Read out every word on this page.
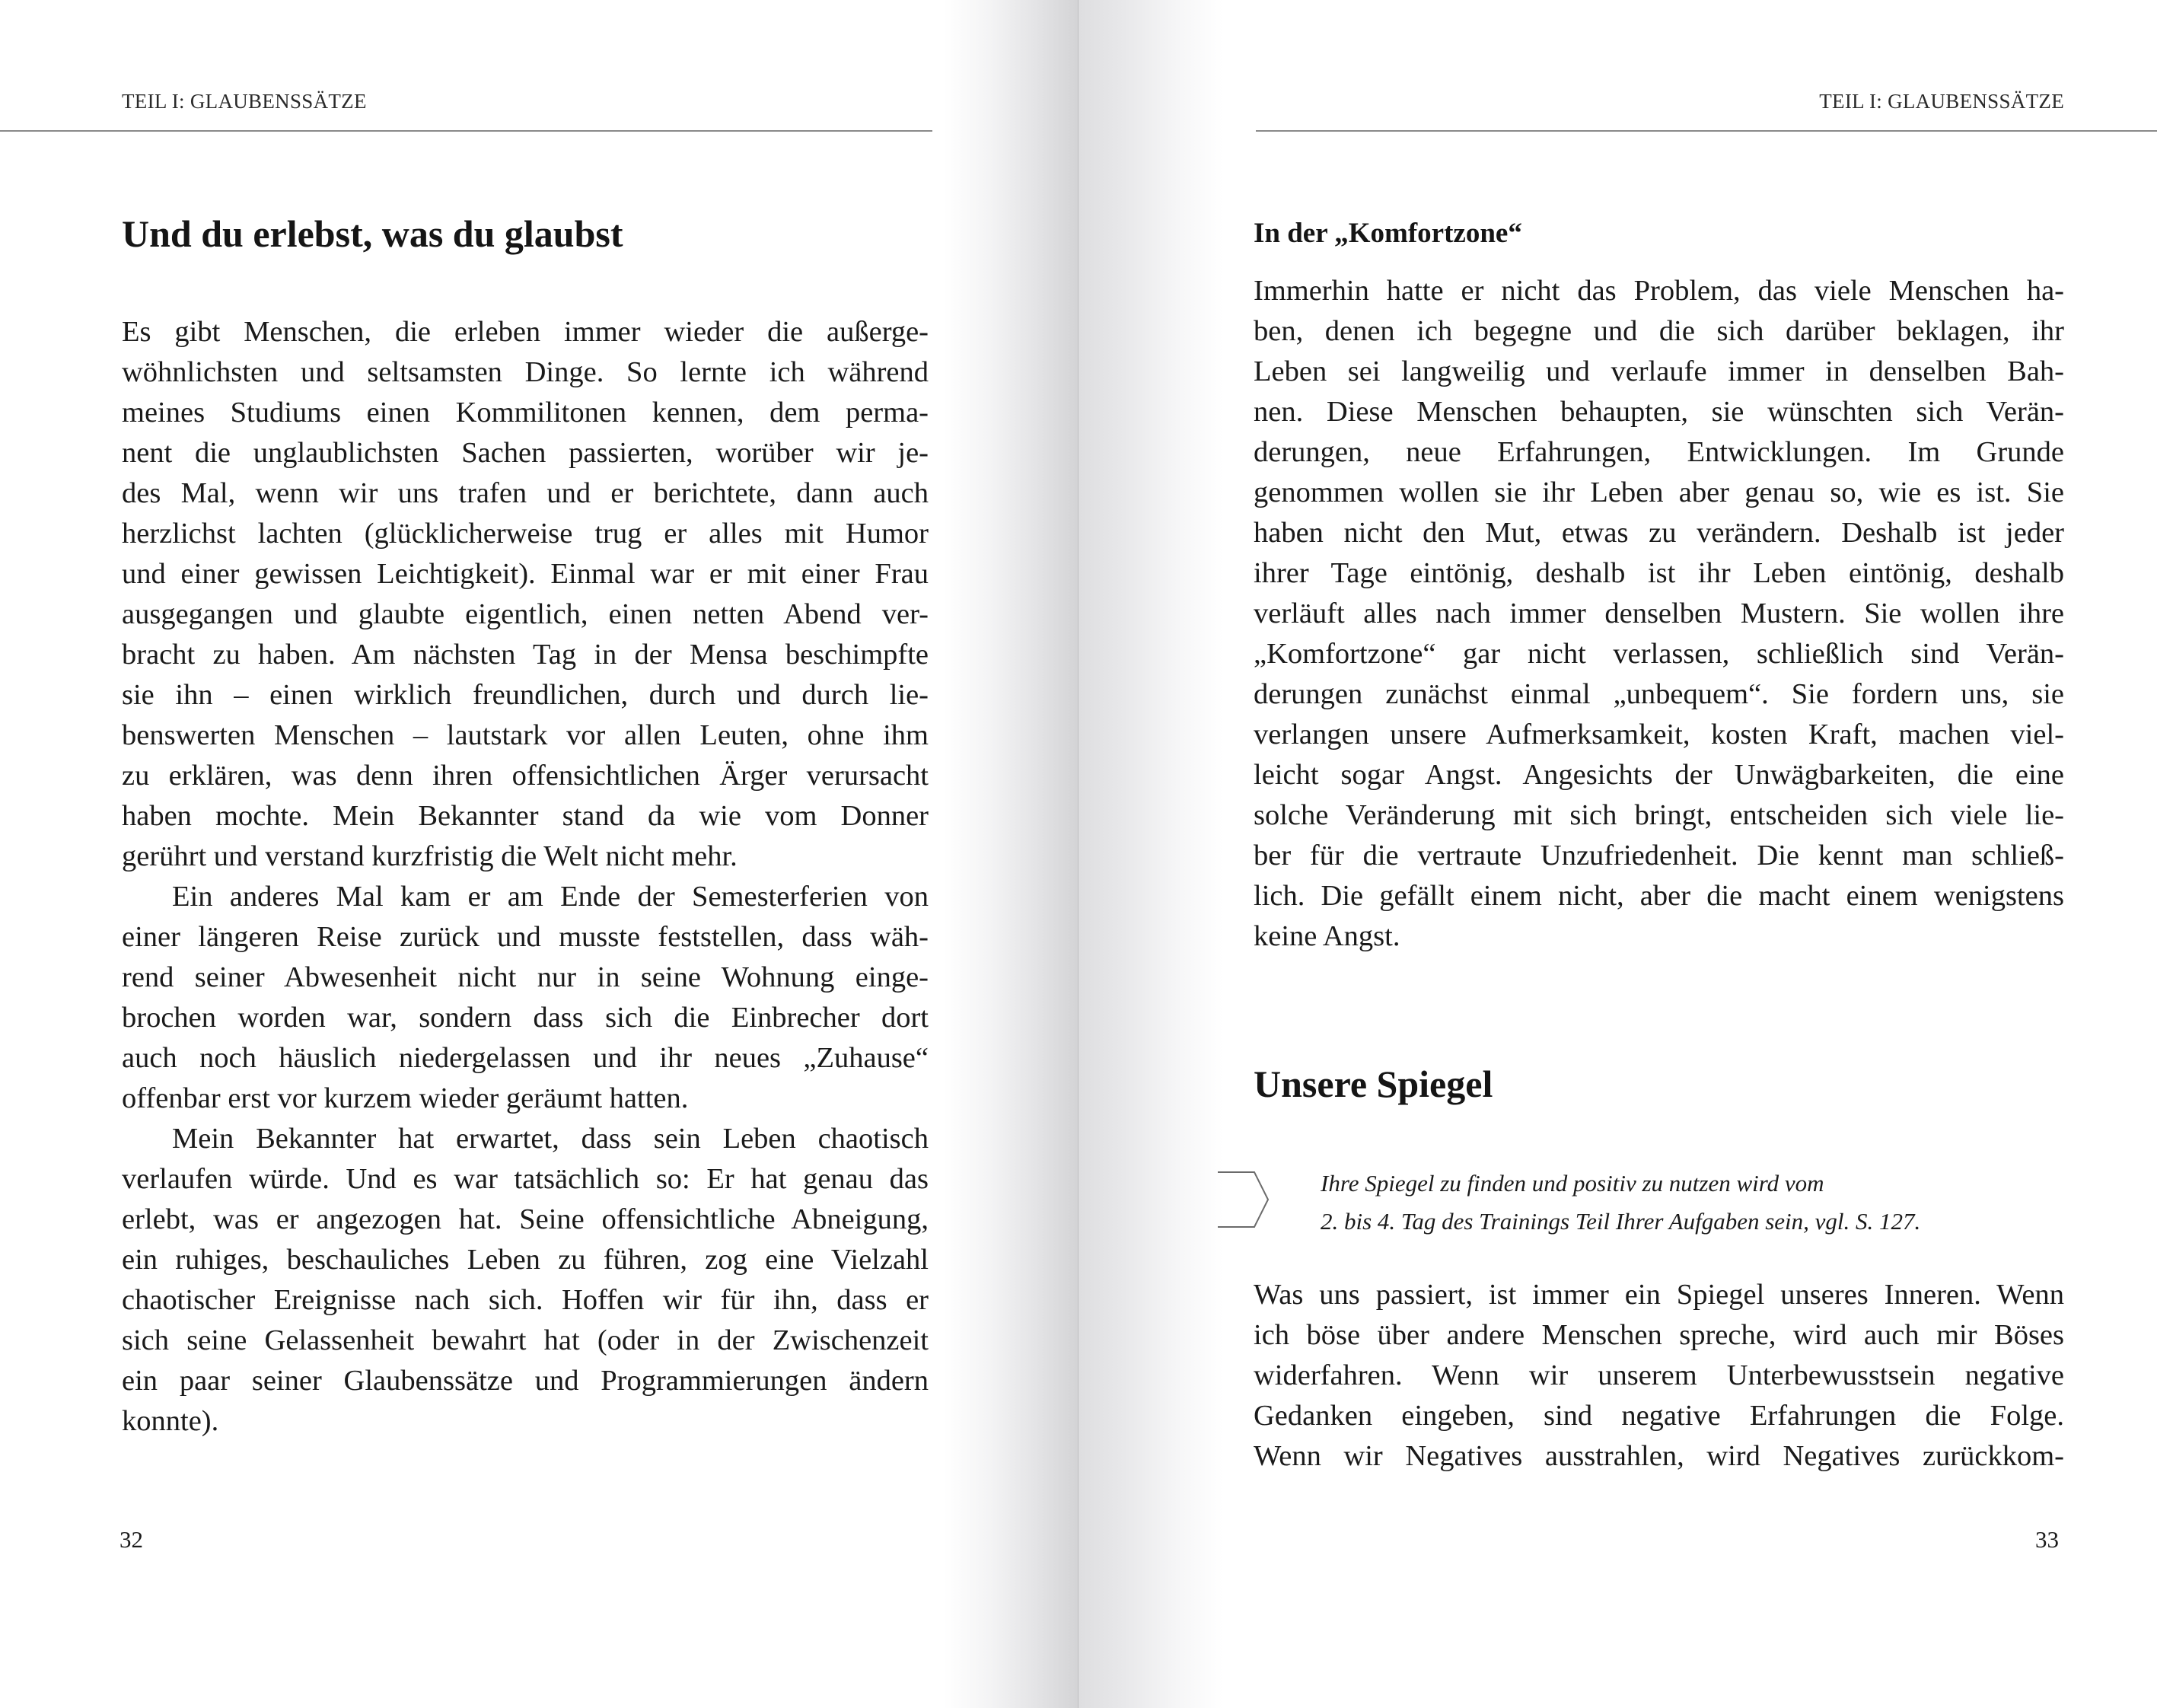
TEIL I: GLAUBENSSÄTZE
Und du erlebst, was du glaubst

Es gibt Menschen, die erleben immer wieder die außerge-
wöhnlichsten und seltsamsten Dinge. So lernte ich während
meines Studiums einen Kommilitonen kennen, dem perma-
nent die unglaublichsten Sachen passierten, worüber wir je-
des Mal, wenn wir uns trafen und er berichtete, dann auch
herzlichst lachten (glücklicherweise trug er alles mit Humor
und einer gewissen Leichtigkeit). Einmal war er mit einer Frau
ausgegangen und glaubte eigentlich, einen netten Abend ver-
bracht zu haben. Am nächsten Tag in der Mensa beschimpfte
sie ihn – einen wirklich freundlichen, durch und durch lie-
benswerten Menschen – lautstark vor allen Leuten, ohne ihm
zu erklären, was denn ihren offensichtlichen Ärger verursacht
haben mochte. Mein Bekannter stand da wie vom Donner
gerührt und verstand kurzfristig die Welt nicht mehr.

Ein anderes Mal kam er am Ende der Semesterferien von
einer längeren Reise zurück und musste feststellen, dass wäh-
rend seiner Abwesenheit nicht nur in seine Wohnung einge-
brochen worden war, sondern dass sich die Einbrecher dort
auch noch häuslich niedergelassen und ihr neues „Zuhause“
offenbar erst vor kurzem wieder geräumt hatten.

Mein Bekannter hat erwartet, dass sein Leben chaotisch
verlaufen würde. Und es war tatsächlich so: Er hat genau das
erlebt, was er angezogen hat. Seine offensichtliche Abneigung,
ein ruhiges, beschauliches Leben zu führen, zog eine Vielzahl
chaotischer Ereignisse nach sich. Hoffen wir für ihn, dass er
sich seine Gelassenheit bewahrt hat (oder in der Zwischenzeit
ein paar seiner Glaubenssätze und Programmierungen ändern
konnte).

32
TEIL I: GLAUBENSSÄTZE
In der „Komfortzone“

Immerhin hatte er nicht das Problem, das viele Menschen ha-
ben, denen ich begegne und die sich darüber beklagen, ihr
Leben sei langweilig und verlaufe immer in denselben Bah-
nen. Diese Menschen behaupten, sie wünschten sich Verän-
derungen, neue Erfahrungen, Entwicklungen. Im Grunde
genommen wollen sie ihr Leben aber genau so, wie es ist. Sie
haben nicht den Mut, etwas zu verändern. Deshalb ist jeder
ihrer Tage eintönig, deshalb ist ihr Leben eintönig, deshalb
verläuft alles nach immer denselben Mustern. Sie wollen ihre
„Komfortzone“ gar nicht verlassen, schließlich sind Verän-
derungen zunächst einmal „unbequem“. Sie fordern uns, sie
verlangen unsere Aufmerksamkeit, kosten Kraft, machen viel-
leicht sogar Angst. Angesichts der Unwägbarkeiten, die eine
solche Veränderung mit sich bringt, entscheiden sich viele lie-
ber für die vertraute Unzufriedenheit. Die kennt man schließ-
lich. Die gefällt einem nicht, aber die macht einem wenigstens
keine Angst.

Unsere Spiegel
Ihre Spiegel zu finden und positiv zu nutzen wird vom
2. bis 4. Tag des Trainings Teil Ihrer Aufgaben sein, vgl. S. 127.

Was uns passiert, ist immer ein Spiegel unseres Inneren. Wenn
ich böse über andere Menschen spreche, wird auch mir Böses
widerfahren. Wenn wir unserem Unterbewusstsein negative
Gedanken eingeben, sind negative Erfahrungen die Folge.
Wenn wir Negatives ausstrahlen, wird Negatives zurückkom-

33
